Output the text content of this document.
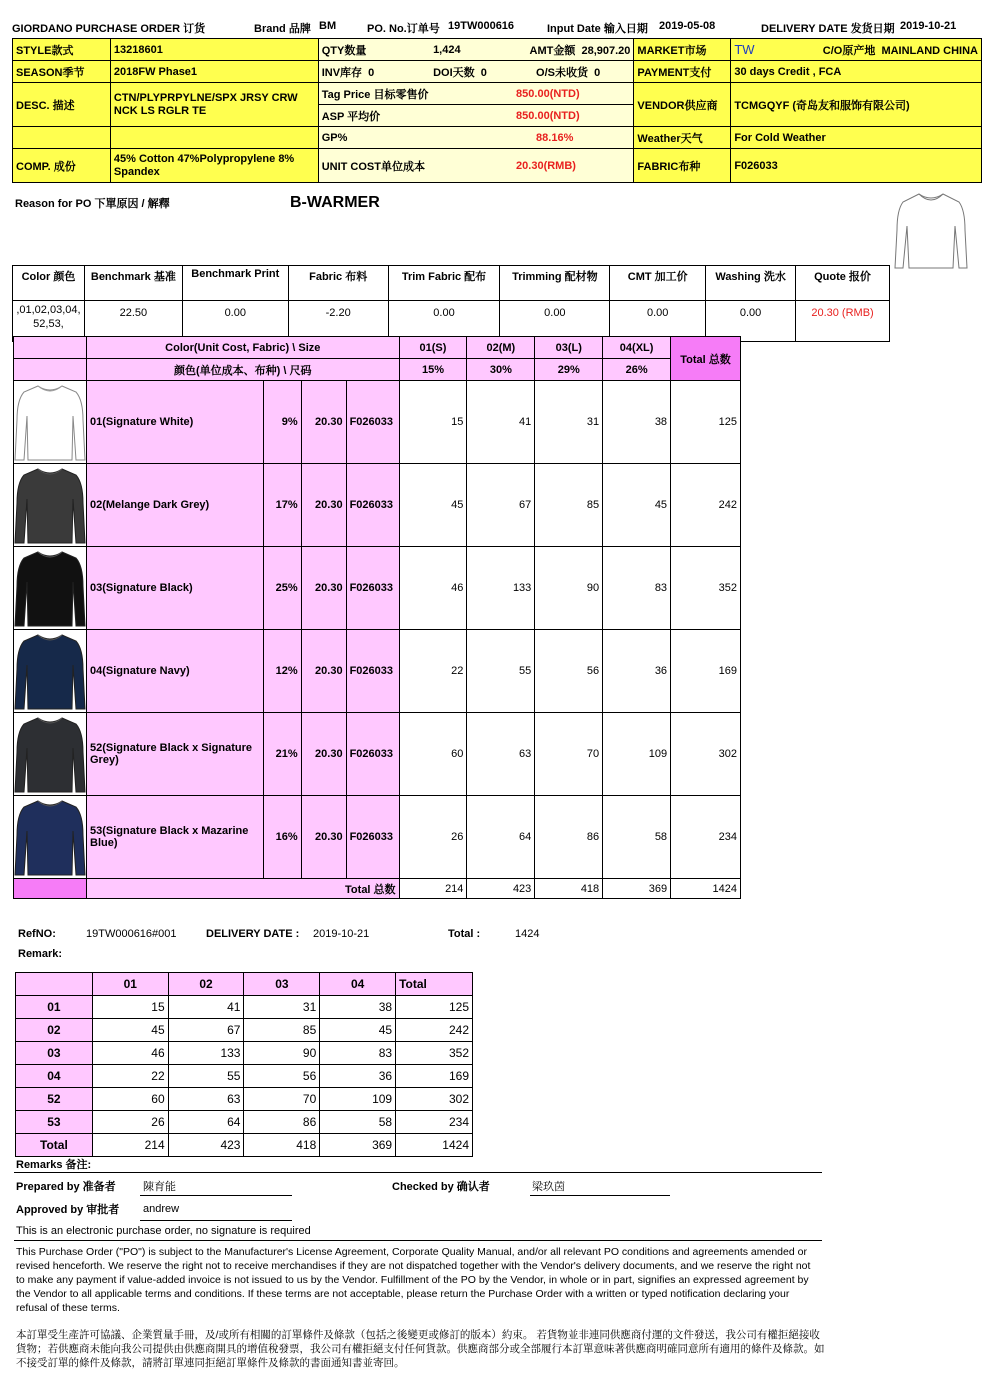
GIORDANO PURCHASE ORDER 订货	Brand 品牌 BM	PO. No.订单号 19TW000616	Input Date 输入日期 2019-05-08	DELIVERY DATE 发货日期 2019-10-21
STYLE款式	13218601	QTY数量	1,424	AMT金额 28,907.20	MARKET市场	TW C/O原产地 MAINLAND CHINA

SEASON季节	2018FW Phase1	INV库存 0	DOI天数 0	O/S未收货 0	PAYMENT支付	30 days Credit , FCA
DESC. 描述	CTN/PLYPRPYLNE/SPX JRSY CRW NCK LS RGLR TE	Tag Price 目标零售价		850.00(NTD)	VENDOR供应商	TCMGQYF (奇岛友和服饰有限公司)
		ASP 平均价		850.00(NTD)		
		GP%		88.16%	Weather天气	For Cold Weather
COMP. 成份	45% Cotton 47%Polypropylene 8% Spandex	UNIT COST单位成本		20.30(RMB)	FABRIC布种	F026033
Reason for PO 下單原因 / 解釋	B-WARMER
Color 颜色	Benchmark 基准	Benchmark Print	Fabric 布料	Trim Fabric 配布	Trimming 配材物	CMT 加工价	Washing 洗水	Quote 报价
,01,02,03,04,52,53,	22.50	0.00	-2.20	0.00	0.00	0.00	0.00	20.30 (RMB)
	Color(Unit Cost, Fabric) \ Size				01(S)	02(M)	03(L)	04(XL)	Total 总数
	颜色(单位成本、布种) \ 尺码				15%	30%	29%	26%	

	01(Signature White)	9%	20.30	F026033	15	41	31	38	125

	02(Melange Dark Grey)	17%	20.30	F026033	45	67	85	45	242

	03(Signature Black)	25%	20.30	F026033	46	133	90	83	352

	04(Signature Navy)	12%	20.30	F026033	22	55	56	36	169

	52(Signature Black x Signature Grey)	21%	20.30	F026033	60	63	70	109	302

	53(Signature Black x Mazarine Blue)	16%	20.30	F026033	26	64	86	58	234
	Total 总数				214	423	418	369	1424
RefNO:	19TW000616#001	DELIVERY DATE : 2019-10-21	Total :	1424
Remark:
	01	02	03	04	Total
01	15	41	31	38	125
02	45	67	85	45	242
03	46	133	90	83	352
04	22	55	56	36	169
52	60	63	70	109	302
53	26	64	86	58	234
Total	214	423	418	369	1424
Remarks 备注:
Prepared by 准备者 陳育能	Checked by 确认者	梁玖茵
Approved by 审批者 andrew
This is an electronic purchase order, no signature is required
This Purchase Order ("PO") is subject to the Manufacturer's License Agreement, Corporate Quality Manual, and/or all relevant PO conditions and agreements amended or revised henceforth. We reserve the right not to receive merchandises if they are not dispatched together with the Vendor's delivery documents, and we reserve the right not to make any payment if value-added invoice is not issued to us by the Vendor. Fulfillment of the PO by the Vendor, in whole or in part, signifies an expressed agreement by the Vendor to all applicable terms and conditions. If these terms are not acceptable, please return the Purchase Order with a written or typed notification declaring your refusal of these terms.
本訂單受生產許可協議、企業質量手冊，及/或所有相關的訂單條件及條款（包括之後變更或修訂的版本）約束。 若貨物並非連同供應商付運的文件發送，我公司有權拒絕接收貨物；若供應商未能向我公司提供由供應商開具的增值稅發票，我公司有權拒絕支付任何貨款。供應商部分或全部履行本訂單意味著供應商明確同意所有適用的條件及條款。如不接受訂單的條件及條款，請將訂單連同拒絕訂單條件及條款的書面通知書並寄回。
